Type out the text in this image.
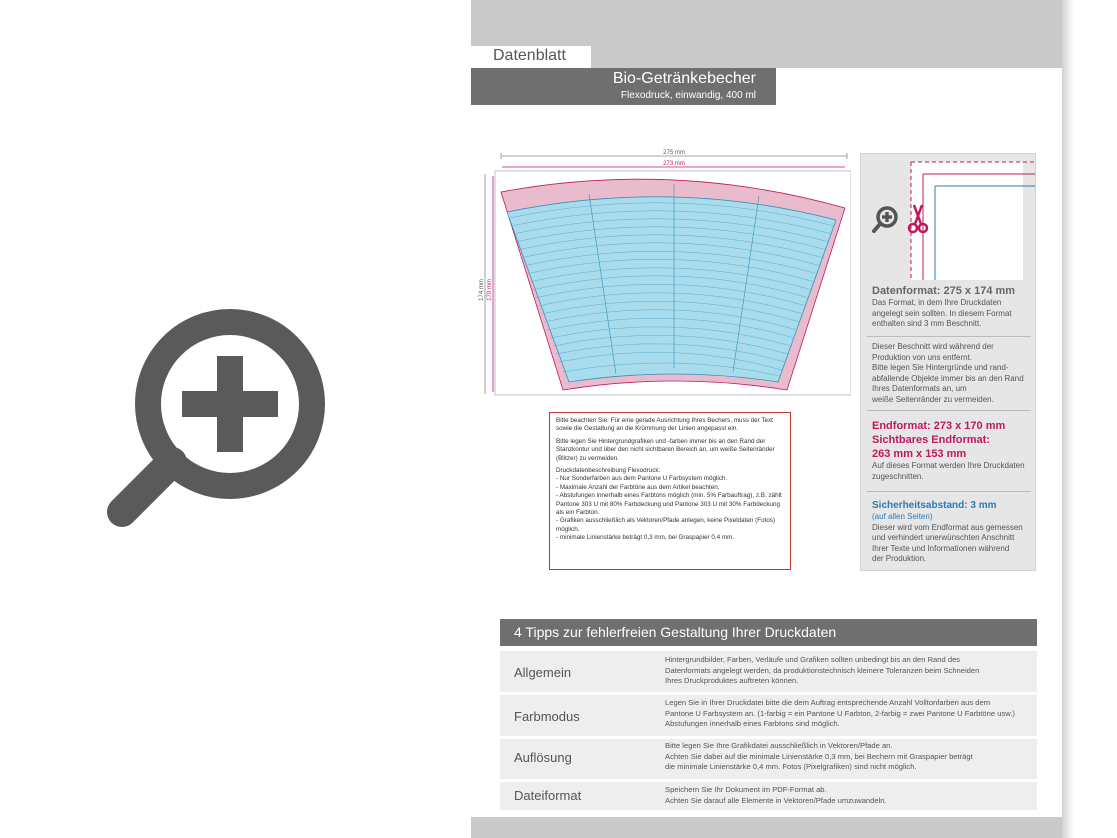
Datenblatt
Bio-Getränkebecher
Flexodruck, einwandig, 400 ml
275 mm
273 mm
174 mm 170 mm

Bitte beachten Sie: Für eine gerade Ausrichtung Ihres Bechers, muss der Text sowie die Gestaltung an die Krümmung der Linien angepasst ein.

Bitte legen Sie Hintergrundgrafiken und -farben immer bis an den Rand der Stanzkontur und über den nicht sichtbaren Bereich an, um weiße Seitenränder (Blitzer) zu vermeiden.

Druckdatenbeschreibung Flexodruck:
- Nur Sonderfarben aus dem Pantone U Farbsystem möglich.
- Maximale Anzahl der Farbtöne aus dem Artikel beachten.
- Abstufungen innerhalb eines Farbtons möglich (min. 5% Farbauftrag), z.B. zählt Pantone 303 U mit 80% Farbdeckung und Pantone 303 U mit 30% Farbdeckung als ein Farbton.
- Grafiken ausschließlich als Vektoren/Pfade anlegen, keine Pixeldaten (Fotos) möglich.
- minimale Linienstärke beträgt 0,3 mm, bei Graspapier 0,4 mm.
Datenformat: 275 x 174 mm
Das Format, in dem Ihre Druckdaten
angelegt sein sollten. In diesem Format
enthalten sind 3 mm Beschnitt.
Dieser Beschnitt wird während der
Produktion von uns entfernt.
Bitte legen Sie Hintergründe und rand-
abfallende Objekte immer bis an den Rand
Ihres Datenformats an, um
weiße Seitenränder zu vermeiden.
Endformat: 273 x 170 mm
Sichtbares Endformat:
263 mm x 153 mm
Auf dieses Format werden Ihre Druckdaten
zugeschnitten.
Sicherheitsabstand: 3 mm
(auf allen Seiten)
Dieser wird vom Endformat aus gemessen
und verhindert unerwünschten Anschnitt
Ihrer Texte und Informationen während
der Produktion.
4 Tipps zur fehlerfreien Gestaltung Ihrer Druckdaten
Allgemein
Hintergrundbilder, Farben, Verläufe und Grafiken sollten unbedingt bis an den Rand des
Datenformats angelegt werden, da produktionstechnisch kleinere Toleranzen beim Schneiden
Ihres Druckproduktes auftreten können.
Farbmodus
Legen Sie in Ihrer Druckdatei bitte die dem Auftrag entsprechende Anzahl Volltonfarben aus dem
Pantone U Farbsystem an. (1-farbig = ein Pantone U Farbton, 2-farbig = zwei Pantone U Farbtöne usw.)
Abstufungen innerhalb eines Farbtons sind möglich.
Auflösung
Bitte legen Sie Ihre Grafikdatei ausschließlich in Vektoren/Pfade an.
Achten Sie dabei auf die minimale Linienstärke 0,3 mm, bei Bechern mit Graspapier beträgt
die minimale Linienstärke 0,4 mm. Fotos (Pixelgrafiken) sind nicht möglich.
Dateiformat	Speichern Sie Ihr Dokument im PDF-Format ab.
Achten Sie darauf alle Elemente in Vektoren/Pfade umzuwandeln.
